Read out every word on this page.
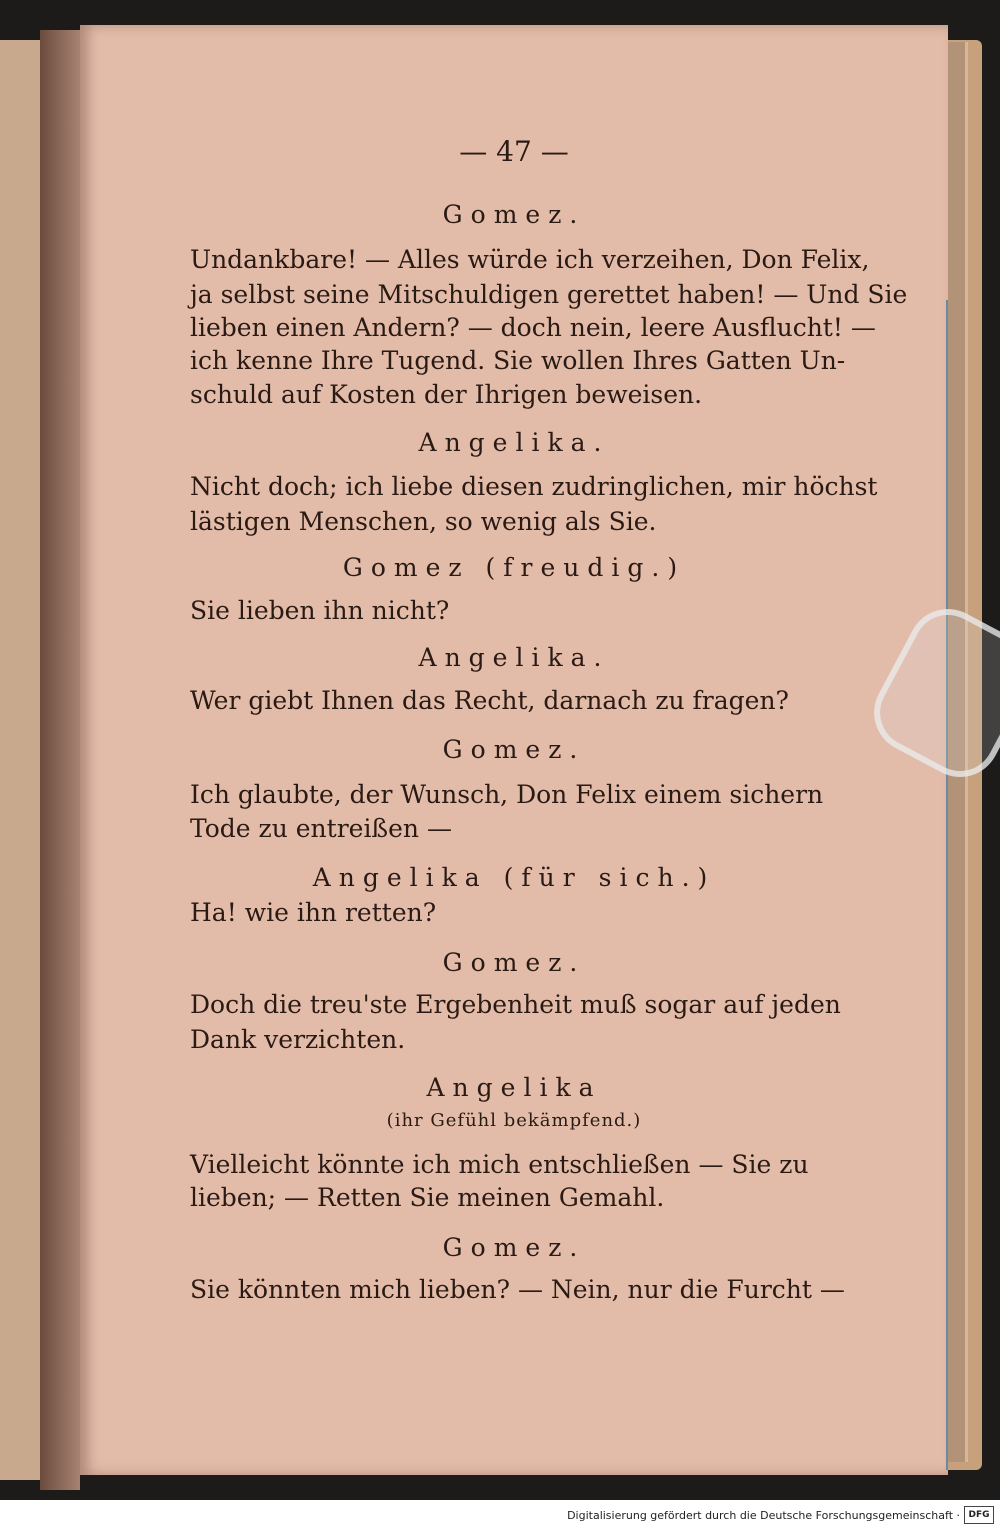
— 47 —
Gomez.
Undankbare! — Alles würde ich verzeihen, Don Felix,
ja selbst seine Mitschuldigen gerettet haben! — Und Sie
lieben einen Andern? — doch nein, leere Ausflucht! —
ich kenne Ihre Tugend. Sie wollen Ihres Gatten Un-
schuld auf Kosten der Ihrigen beweisen.
Angelika.
Nicht doch; ich liebe diesen zudringlichen, mir höchst
lästigen Menschen, so wenig als Sie.
Gomez (freudig.)
Sie lieben ihn nicht?
Angelika.
Wer giebt Ihnen das Recht, darnach zu fragen?
Gomez.
Ich glaubte, der Wunsch, Don Felix einem sichern
Tode zu entreißen —
Angelika (für sich.)
Ha! wie ihn retten?
Gomez.
Doch die treu'ste Ergebenheit muß sogar auf jeden
Dank verzichten.
Angelika
(ihr Gefühl bekämpfend.)
Vielleicht könnte ich mich entschließen — Sie zu
lieben; — Retten Sie meinen Gemahl.
Gomez.
Sie könnten mich lieben? — Nein, nur die Furcht —
Digitalisierung gefördert durch die Deutsche Forschungsgemeinschaft · DFG
